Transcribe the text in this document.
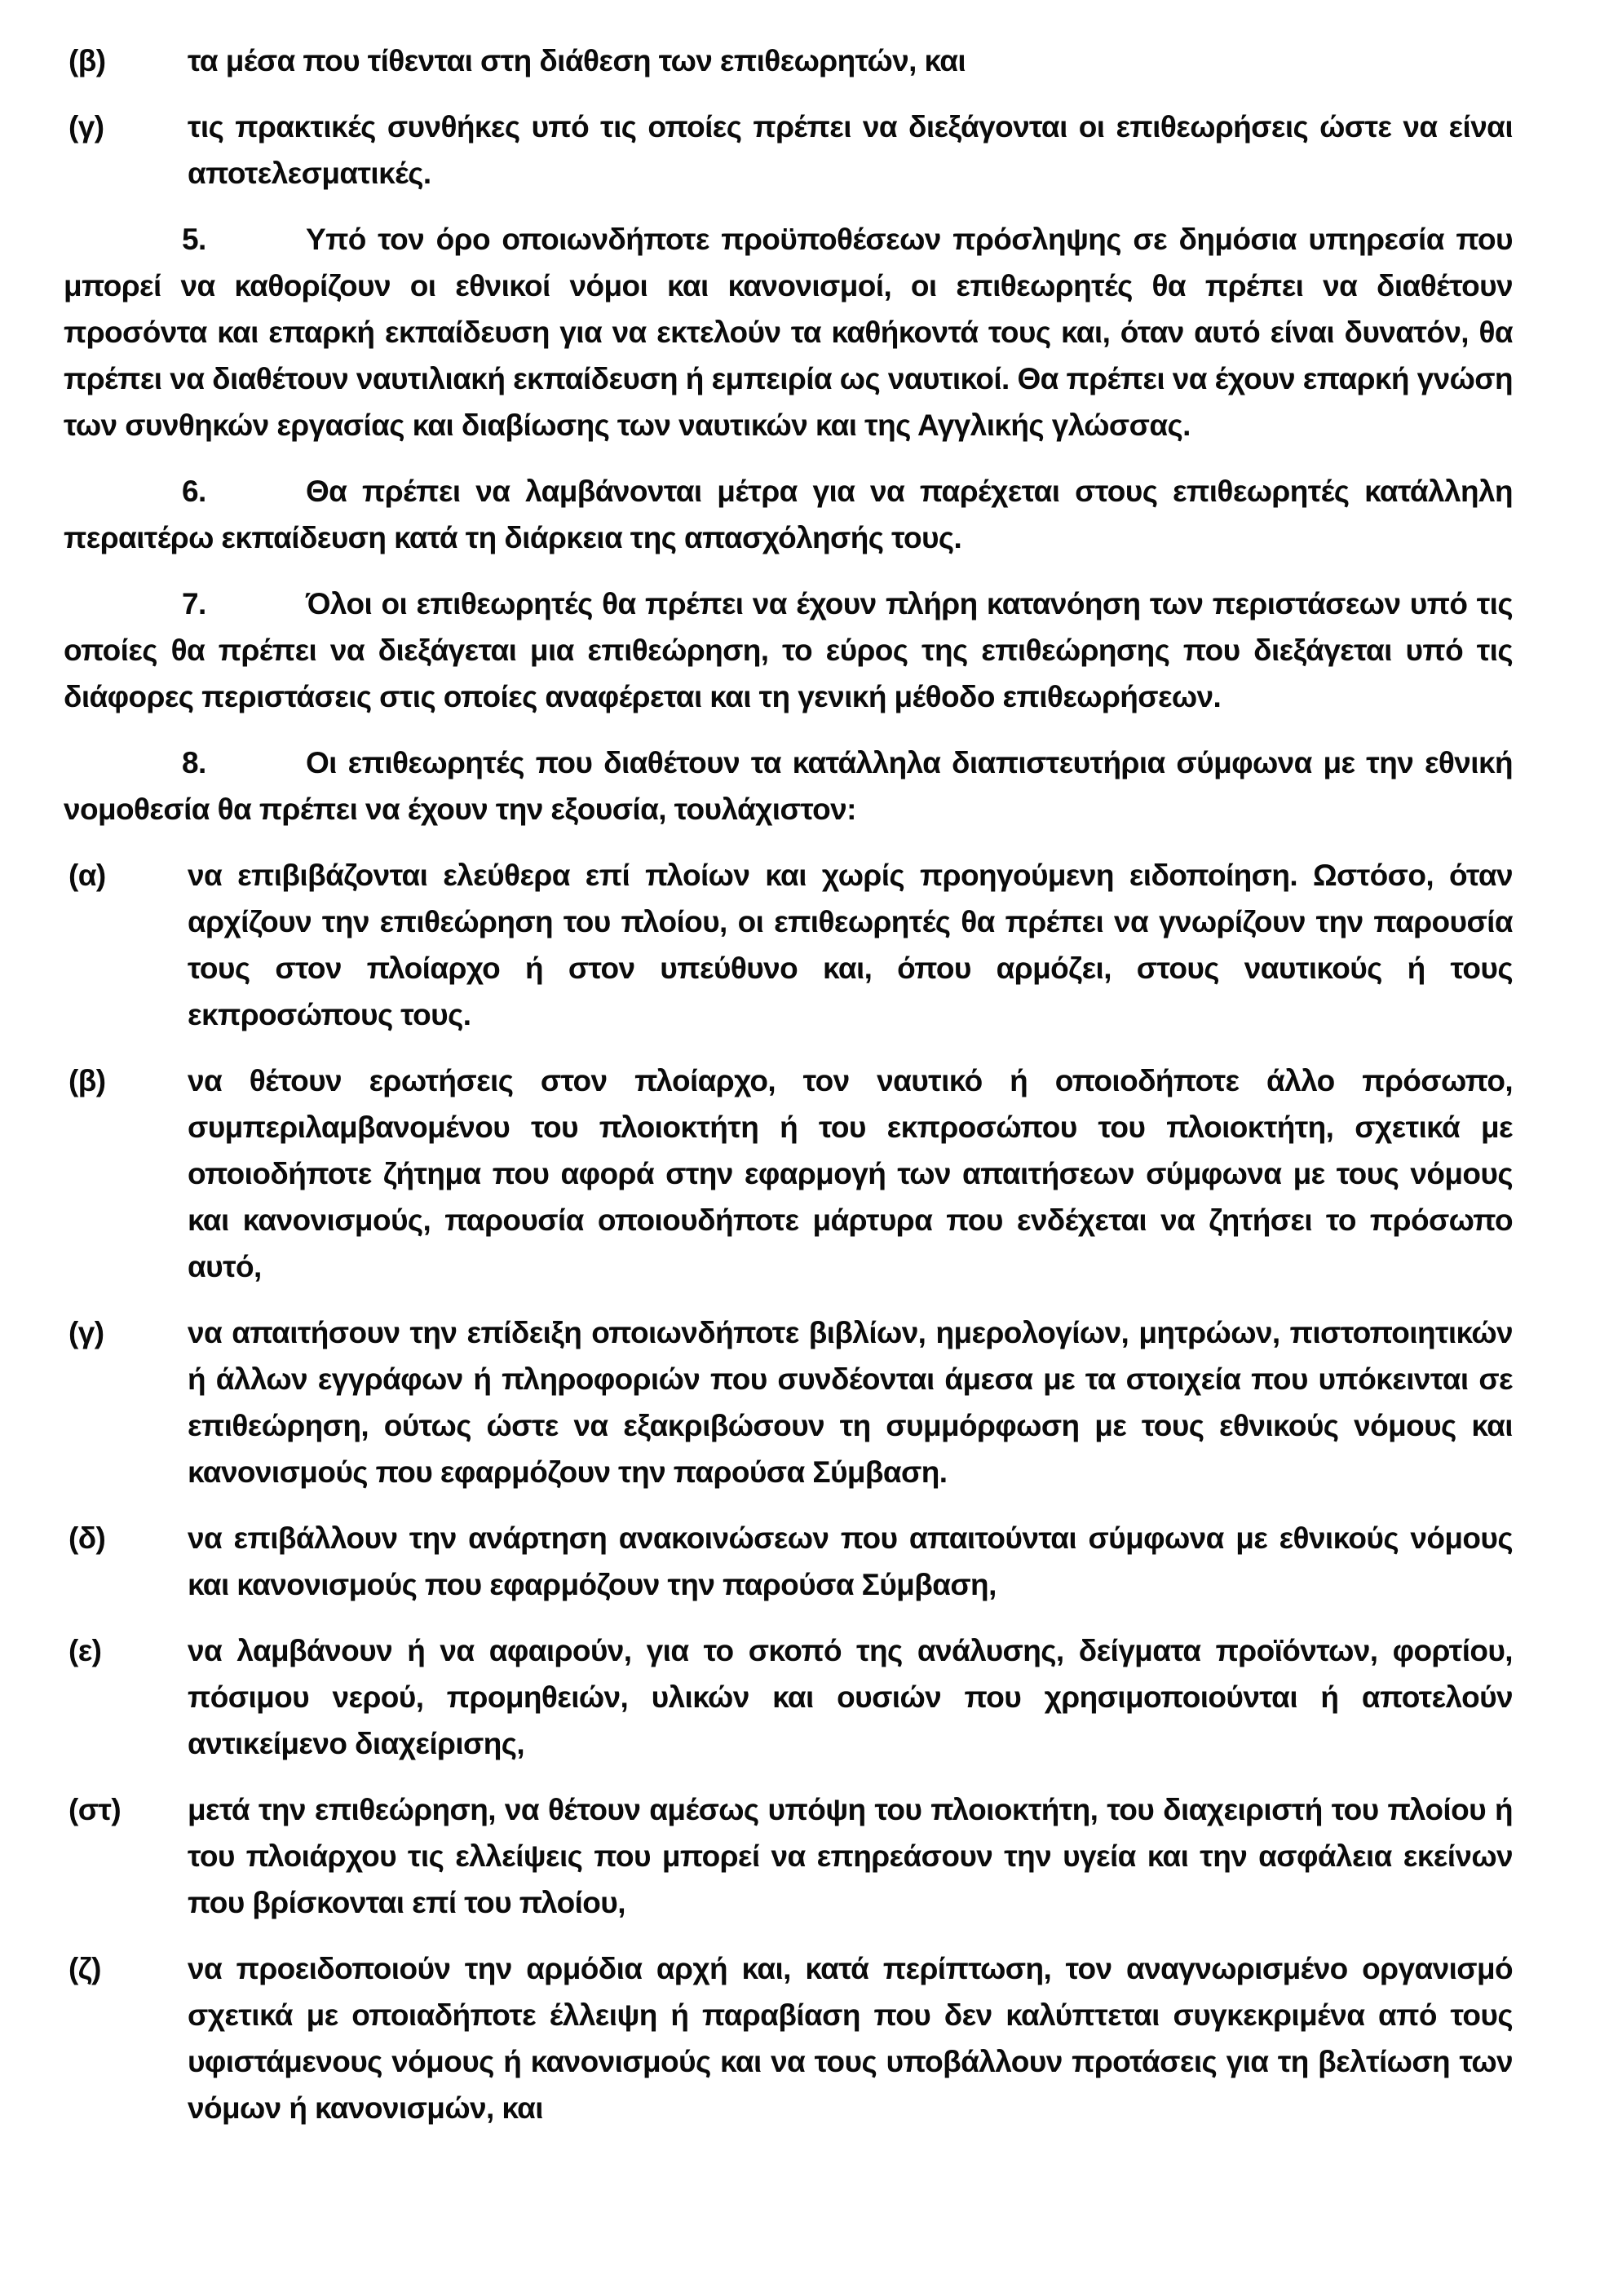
(β)	τα μέσα που τίθενται στη διάθεση των επιθεωρητών, και

(γ)	τις πρακτικές συνθήκες υπό τις οποίες πρέπει να διεξάγονται οι επιθεωρήσεις ώστε να είναι αποτελεσματικές.

5.	Υπό τον όρο οποιωνδήποτε προϋποθέσεων πρόσληψης σε δημόσια υπηρεσία που μπορεί να καθορίζουν οι εθνικοί νόμοι και κανονισμοί, οι επιθεωρητές θα πρέπει να διαθέτουν προσόντα και επαρκή εκπαίδευση για να εκτελούν τα καθήκοντά τους και, όταν αυτό είναι δυνατόν, θα πρέπει να διαθέτουν ναυτιλιακή εκπαίδευση ή εμπειρία ως ναυτικοί. Θα πρέπει να έχουν επαρκή γνώση των συνθηκών εργασίας και διαβίωσης των ναυτικών και της Αγγλικής γλώσσας.

6.	Θα πρέπει να λαμβάνονται μέτρα για να παρέχεται στους επιθεωρητές κατάλληλη περαιτέρω εκπαίδευση κατά τη διάρκεια της απασχόλησής τους.

7.	Όλοι οι επιθεωρητές θα πρέπει να έχουν πλήρη κατανόηση των περιστάσεων υπό τις οποίες θα πρέπει να διεξάγεται μια επιθεώρηση, το εύρος της επιθεώρησης που διεξάγεται υπό τις διάφορες περιστάσεις στις οποίες αναφέρεται και τη γενική μέθοδο επιθεωρήσεων.

8.	Οι επιθεωρητές που διαθέτουν τα κατάλληλα διαπιστευτήρια σύμφωνα με την εθνική νομοθεσία θα πρέπει να έχουν την εξουσία, τουλάχιστον:

(α)	να επιβιβάζονται ελεύθερα επί πλοίων και χωρίς προηγούμενη ειδοποίηση. Ωστόσο, όταν αρχίζουν την επιθεώρηση του πλοίου, οι επιθεωρητές θα πρέπει να γνωρίζουν την παρουσία τους στον πλοίαρχο ή στον υπεύθυνο και, όπου αρμόζει, στους ναυτικούς ή τους εκπροσώπους τους.

(β)	να θέτουν ερωτήσεις στον πλοίαρχο, τον ναυτικό ή οποιοδήποτε άλλο πρόσωπο, συμπεριλαμβανομένου του πλοιοκτήτη ή του εκπροσώπου του πλοιοκτήτη, σχετικά με οποιοδήποτε ζήτημα που αφορά στην εφαρμογή των απαιτήσεων σύμφωνα με τους νόμους και κανονισμούς, παρουσία οποιουδήποτε μάρτυρα που ενδέχεται να ζητήσει το πρόσωπο αυτό,

(γ)	να απαιτήσουν την επίδειξη οποιωνδήποτε βιβλίων, ημερολογίων, μητρώων, πιστοποιητικών ή άλλων εγγράφων ή πληροφοριών που συνδέονται άμεσα με τα στοιχεία που υπόκεινται σε επιθεώρηση, ούτως ώστε να εξακριβώσουν τη συμμόρφωση με τους εθνικούς νόμους και κανονισμούς που εφαρμόζουν την παρούσα Σύμβαση.

(δ)	να επιβάλλουν την ανάρτηση ανακοινώσεων που απαιτούνται σύμφωνα με εθνικούς νόμους και κανονισμούς που εφαρμόζουν την παρούσα Σύμβαση,

(ε)	να λαμβάνουν ή να αφαιρούν, για το σκοπό της ανάλυσης, δείγματα προϊόντων, φορτίου, πόσιμου νερού, προμηθειών, υλικών και ουσιών που χρησιμοποιούνται ή αποτελούν αντικείμενο διαχείρισης,

(στ)	μετά την επιθεώρηση, να θέτουν αμέσως υπόψη του πλοιοκτήτη, του διαχειριστή του πλοίου ή του πλοιάρχου τις ελλείψεις που μπορεί να επηρεάσουν την υγεία και την ασφάλεια εκείνων που βρίσκονται επί του πλοίου,

(ζ)	να προειδοποιούν την αρμόδια αρχή και, κατά περίπτωση, τον αναγνωρισμένο οργανισμό σχετικά με οποιαδήποτε έλλειψη ή παραβίαση που δεν καλύπτεται συγκεκριμένα από τους υφιστάμενους νόμους ή κανονισμούς και να τους υποβάλλουν προτάσεις για τη βελτίωση των νόμων ή κανονισμών, και
